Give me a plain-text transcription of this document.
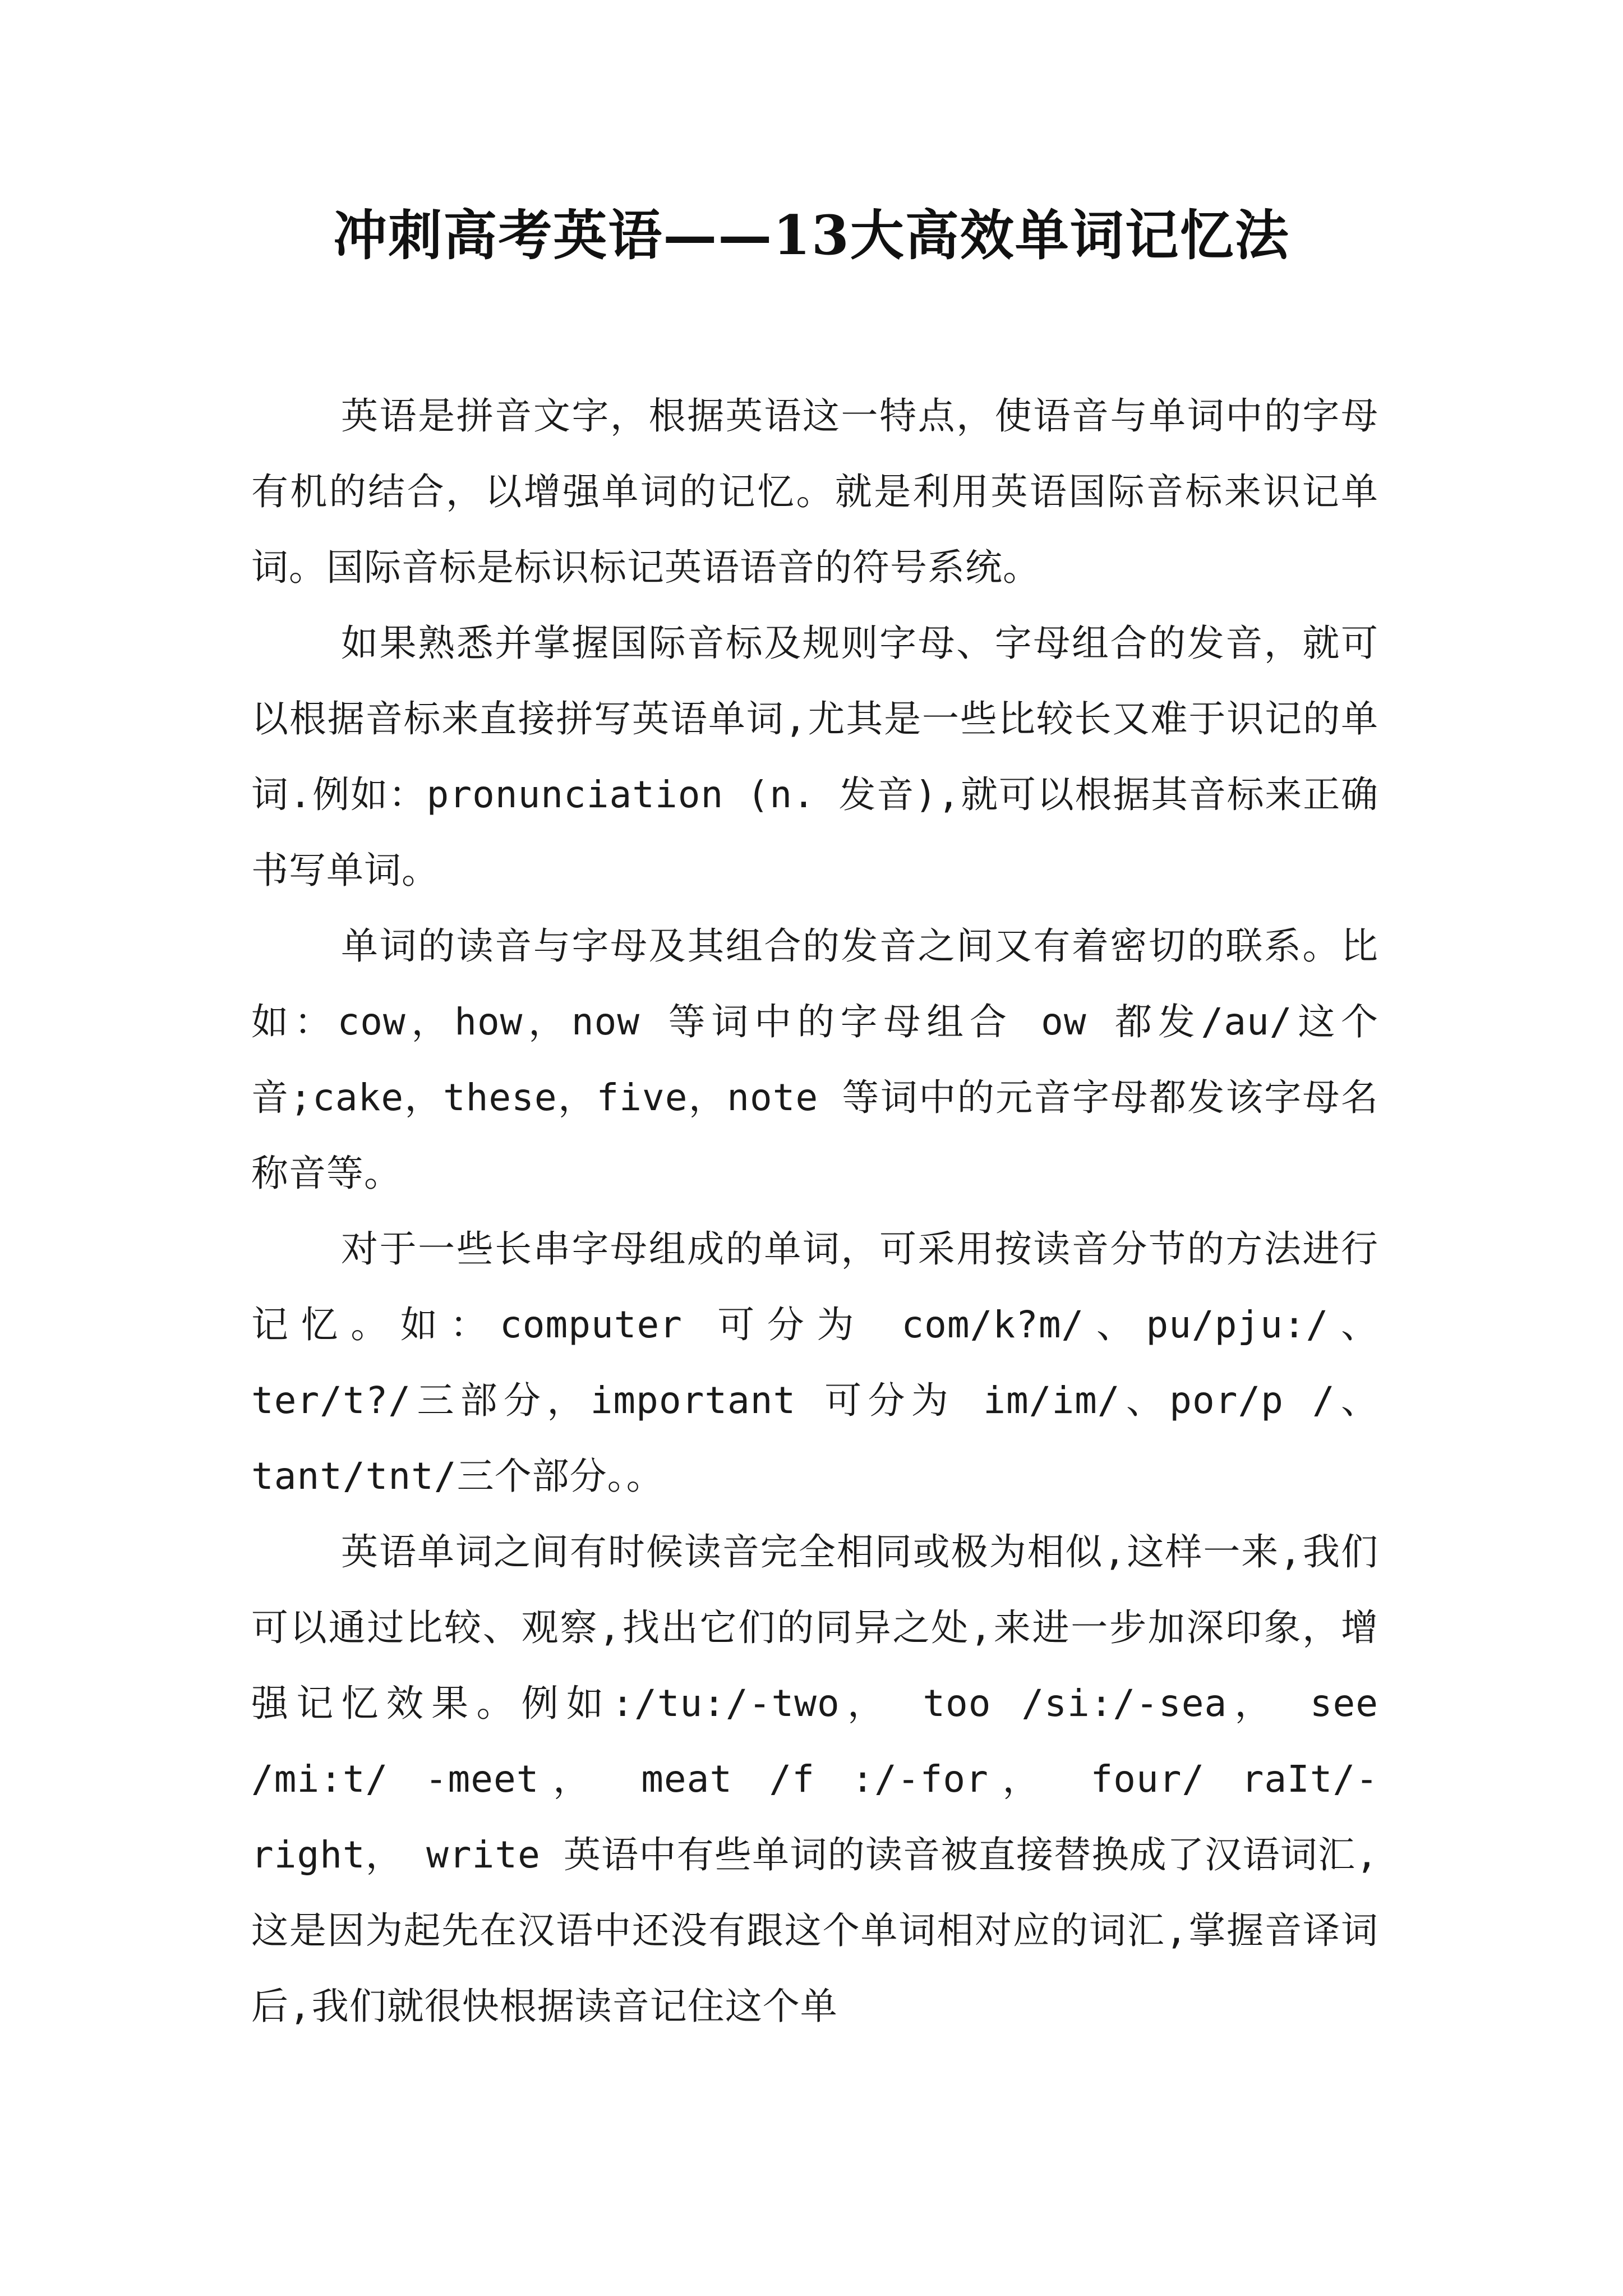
冲刺高考英语——13大高效单词记忆法

英语是拼音文字，根据英语这一特点，使语音与单词中的字母有机的结合，以增强单词的记忆。就是利用英语国际音标来识记单词。国际音标是标识标记英语语音的符号系统。

如果熟悉并掌握国际音标及规则字母、字母组合的发音，就可以根据音标来直接拼写英语单词,尤其是一些比较长又难于识记的单词.例如：pronunciation (n. 发音),就可以根据其音标来正确书写单词。

单词的读音与字母及其组合的发音之间又有着密切的联系。比如：cow，how，now 等词中的字母组合 ow 都发/au/这个音;cake，these，five，note 等词中的元音字母都发该字母名称音等。

对于一些长串字母组成的单词，可采用按读音分节的方法进行记忆。如：computer 可分为 com/k?m/、pu/pju:/、ter/t?/三部分，important 可分为 im/im/、por/p /、tant/tnt/三个部分。。

英语单词之间有时候读音完全相同或极为相似,这样一来,我们可以通过比较、观察,找出它们的同异之处,来进一步加深印象，增强记忆效果。例如:/tu:/-two， too /si:/-sea， see /mi:t/ -meet， meat /f :/-for， four/ raIt/-right， write 英语中有些单词的读音被直接替换成了汉语词汇,这是因为起先在汉语中还没有跟这个单词相对应的词汇,掌握音译词后,我们就很快根据读音记住这个单
